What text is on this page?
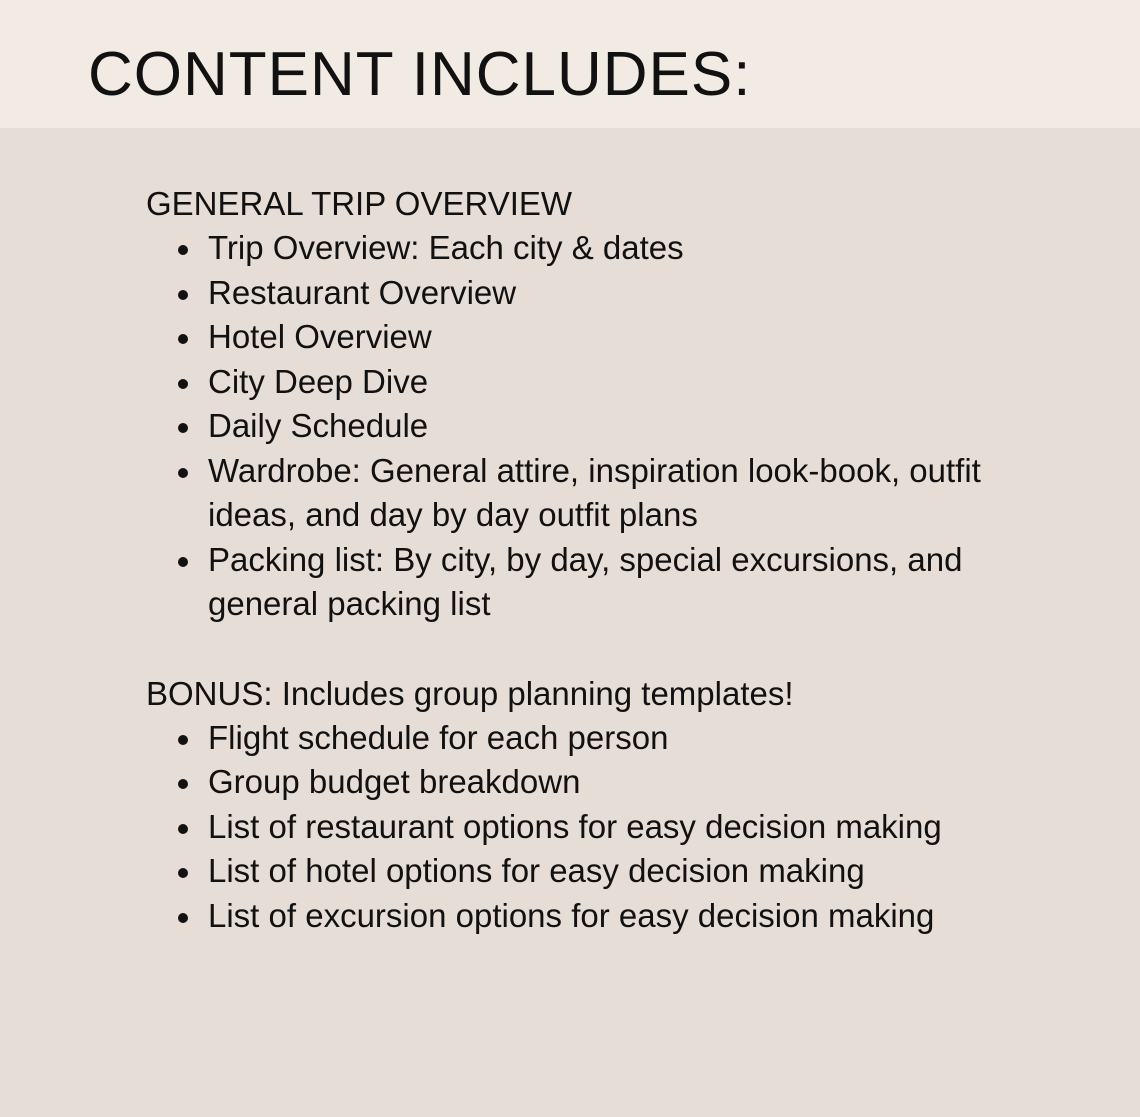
CONTENT INCLUDES:

GENERAL TRIP OVERVIEW

Trip Overview: Each city & dates
Restaurant Overview
Hotel Overview
City Deep Dive
Daily Schedule
Wardrobe: General attire, inspiration look-book, outfit ideas, and day by day outfit plans
Packing list: By city, by day, special excursions, and general packing list

BONUS: Includes group planning templates!

Flight schedule for each person
Group budget breakdown
List of restaurant options for easy decision making
List of hotel options for easy decision making
List of excursion options for easy decision making
